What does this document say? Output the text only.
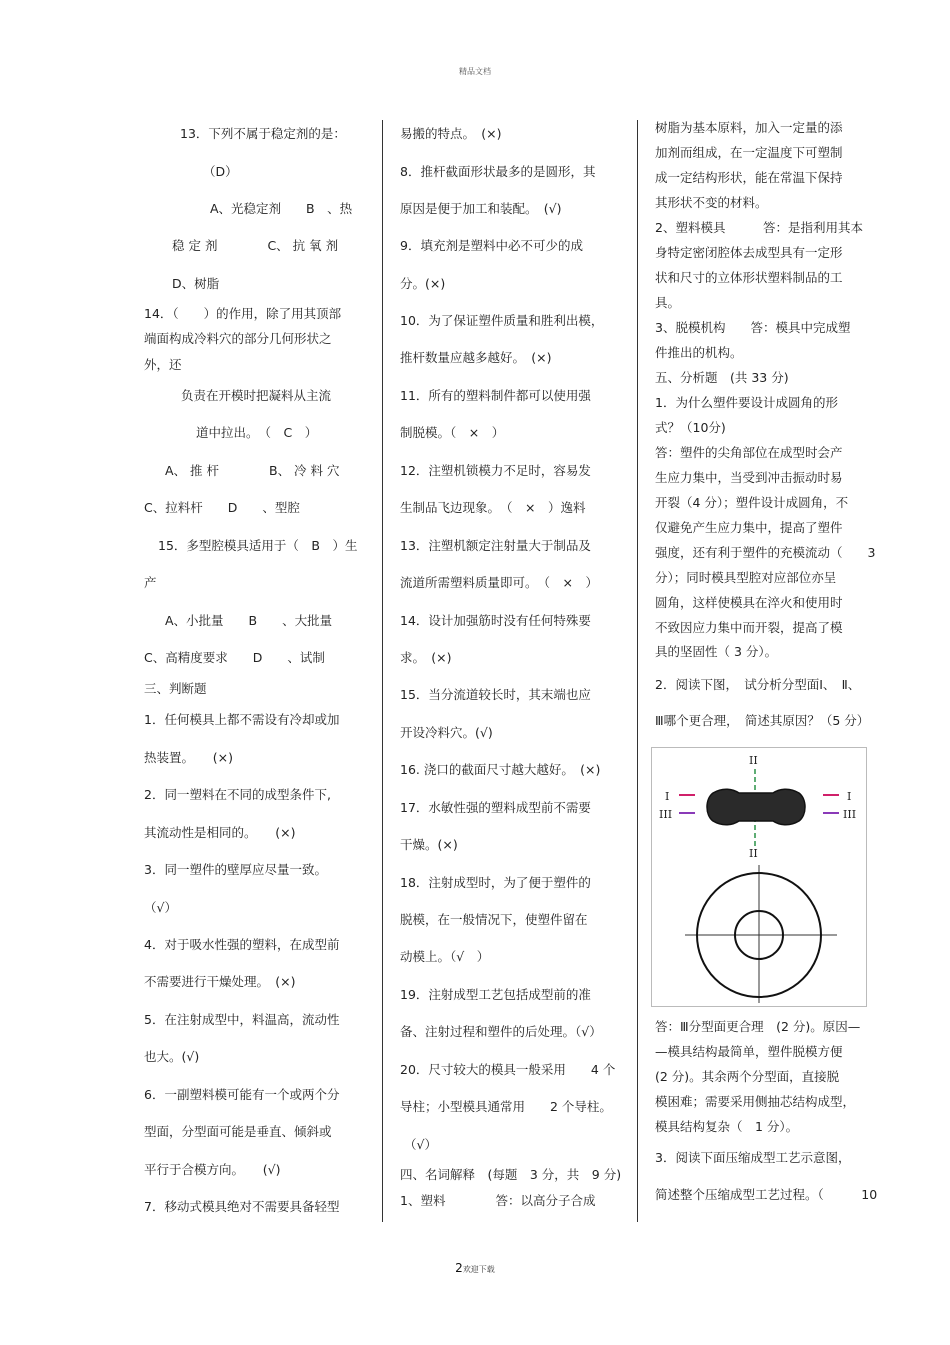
精品文档
13．下列不属于稳定剂的是：
（D）
A、光稳定剂　　B　、热
稳 定 剂　　　　C、 抗 氧 剂
D、树脂
14．（　　）的作用，除了用其顶部
端面构成冷料穴的部分几何形状之
外，还
负责在开模时把凝料从主流
道中拉出。　（　C　）
A、 推 杆　　　　B、 冷 料 穴
C、拉料杆　　D　　、型腔
15．多型腔模具适用于（　B　）生
产
A、小批量　　B　　、大批量
C、高精度要求　　D　　、试制
三、判断题
1．任何模具上都不需设有冷却或加
热装置。　　(×)
2．同一塑料在不同的成型条件下,
其流动性是相同的。　　(×)
3．同一塑件的壁厚应尽量一致。
（√）
4．对于吸水性强的塑料，在成型前
不需要进行干燥处理。　(×)
5．在注射成型中，料温高，流动性
也大。(√)
6．一副塑料模可能有一个或两个分
型面，分型面可能是垂直、倾斜或
平行于合模方向。　　(√)
7．移动式模具绝对不需要具备轻型
易搬的特点。　(×)
8．推杆截面形状最多的是圆形，其
原因是便于加工和装配。　(√)
9．填充剂是塑料中必不可少的成
分。(×)
10．为了保证塑件质量和胜利出模，
推杆数量应越多越好。　(×)
11．所有的塑料制件都可以使用强
制脱模。（　×　）
12．注塑机锁模力不足时，容易发
生制品飞边现象。　（　×　）逸料
13．注塑机额定注射量大于制品及
流道所需塑料质量即可。　（　×　）
14．设计加强筋时没有任何特殊要
求。　(×)
15．当分流道较长时，其末端也应
开设冷料穴。(√)
16. 浇口的截面尺寸越大越好。　(×)
17．水敏性强的塑料成型前不需要
干燥。(×)
18．注射成型时，为了便于塑件的
脱模，在一般情况下，使塑件留在
动模上。（√　）
19．注射成型工艺包括成型前的准
备、注射过程和塑件的后处理。（√）
20．尺寸较大的模具一般采用　　4 个
导柱；小型模具通常用　　2 个导柱。
（√）
四、名词解释　(每题　3 分，共　9 分)
1、塑料　　　　答：以高分子合成
树脂为基本原料，加入一定量的添
加剂而组成，在一定温度下可塑制
成一定结构形状，能在常温下保持
其形状不变的材料。
2、塑料模具　　　答：是指利用其本
身特定密闭腔体去成型具有一定形
状和尺寸的立体形状塑料制品的工
具。
3、脱模机构　　答：模具中完成塑
件推出的机构。
五、分析题　(共 33 分)
1．为什么塑件要设计成圆角的形
式？（10分)
答：塑件的尖角部位在成型时会产
生应力集中，当受到冲击振动时易
开裂（4 分）；塑件设计成圆角，不
仅避免产生应力集中，提高了塑件
强度，还有利于塑件的充模流动（　　3
分）；同时模具型腔对应部位亦呈
圆角，这样使模具在淬火和使用时
不致因应力集中而开裂，提高了模
具的坚固性（ 3 分）。
2．阅读下图，　试分析分型面Ⅰ、　Ⅱ、
Ⅲ哪个更合理，　简述其原因？（5 分）
答：Ⅲ分型面更合理　(2 分)。原因—
—模具结构最简单，塑件脱模方便
(2 分)。其余两个分型面，直接脱
模困难；需要采用侧抽芯结构成型，
模具结构复杂（　1 分）。
3．阅读下面压缩成型工艺示意图，
简述整个压缩成型工艺过程。（　　　10
I	I
III	III
II
II
2欢迎下载
